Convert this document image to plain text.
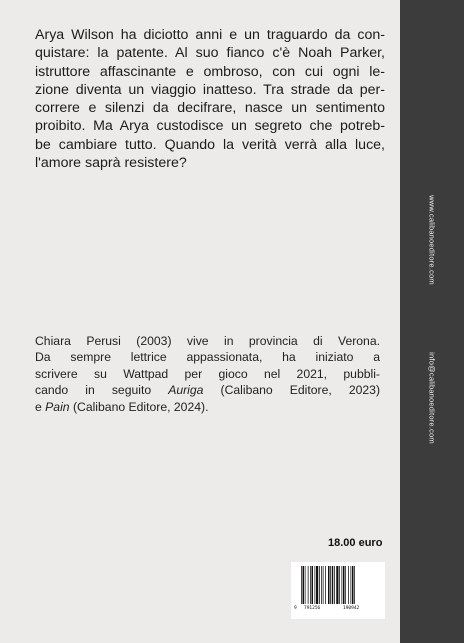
Arya Wilson ha diciotto anni e un traguardo da con-
quistare: la patente. Al suo fianco c'è Noah Parker,
istruttore affascinante e ombroso, con cui ogni le-
zione diventa un viaggio inatteso. Tra strade da per-
correre e silenzi da decifrare, nasce un sentimento
proibito. Ma Arya custodisce un segreto che potreb-
be cambiare tutto. Quando la verità verrà alla luce,
l'amore saprà resistere?
Chiara Perusi (2003) vive in provincia di Verona.
Da sempre lettrice appassionata, ha iniziato a
scrivere su Wattpad per gioco nel 2021, pubbli-
cando in seguito Auriga (Calibano Editore, 2023)
e Pain (Calibano Editore, 2024).
18.00 euro
9 791256	190942
www.calibanoeditore.com
info@calibanoeditore.com
